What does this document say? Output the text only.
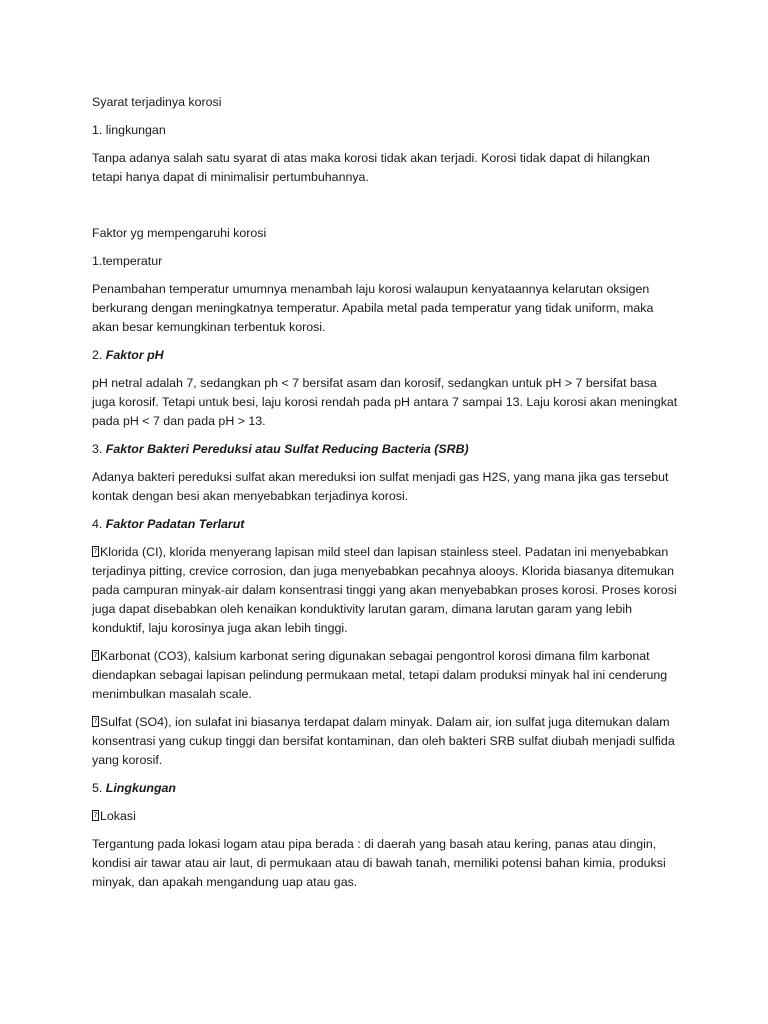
Syarat terjadinya korosi

1. lingkungan

Tanpa adanya salah satu syarat di atas maka korosi tidak akan terjadi. Korosi tidak dapat di hilangkan tetapi hanya dapat di minimalisir pertumbuhannya.

Faktor yg mempengaruhi korosi

1.temperatur

Penambahan temperatur umumnya menambah laju korosi walaupun kenyataannya kelarutan oksigen berkurang dengan meningkatnya temperatur. Apabila metal pada temperatur yang tidak uniform, maka akan besar kemungkinan terbentuk korosi.

2. Faktor pH

pH netral adalah 7, sedangkan ph < 7 bersifat asam dan korosif, sedangkan untuk pH > 7 bersifat basa juga korosif. Tetapi untuk besi, laju korosi rendah pada pH antara 7 sampai 13. Laju korosi akan meningkat pada pH < 7 dan pada pH > 13.

3. Faktor Bakteri Pereduksi atau Sulfat Reducing Bacteria (SRB)

Adanya bakteri pereduksi sulfat akan mereduksi ion sulfat menjadi gas H2S, yang mana jika gas tersebut kontak dengan besi akan menyebabkan terjadinya korosi.

4. Faktor Padatan Terlarut

? Klorida (CI), klorida menyerang lapisan mild steel dan lapisan stainless steel. Padatan ini menyebabkan terjadinya pitting, crevice corrosion, dan juga menyebabkan pecahnya alooys. Klorida biasanya ditemukan pada campuran minyak-air dalam konsentrasi tinggi yang akan menyebabkan proses korosi. Proses korosi juga dapat disebabkan oleh kenaikan konduktivity larutan garam, dimana larutan garam yang lebih konduktif, laju korosinya juga akan lebih tinggi.

? Karbonat (CO3), kalsium karbonat sering digunakan sebagai pengontrol korosi dimana film karbonat diendapkan sebagai lapisan pelindung permukaan metal, tetapi dalam produksi minyak hal ini cenderung menimbulkan masalah scale.

? Sulfat (SO4), ion sulafat ini biasanya terdapat dalam minyak. Dalam air, ion sulfat juga ditemukan dalam konsentrasi yang cukup tinggi dan bersifat kontaminan, dan oleh bakteri SRB sulfat diubah menjadi sulfida yang korosif.

5. Lingkungan

? Lokasi

Tergantung pada lokasi logam atau pipa berada : di daerah yang basah atau kering, panas atau dingin, kondisi air tawar atau air laut, di permukaan atau di bawah tanah, memiliki potensi bahan kimia, produksi minyak, dan apakah mengandung uap atau gas.
